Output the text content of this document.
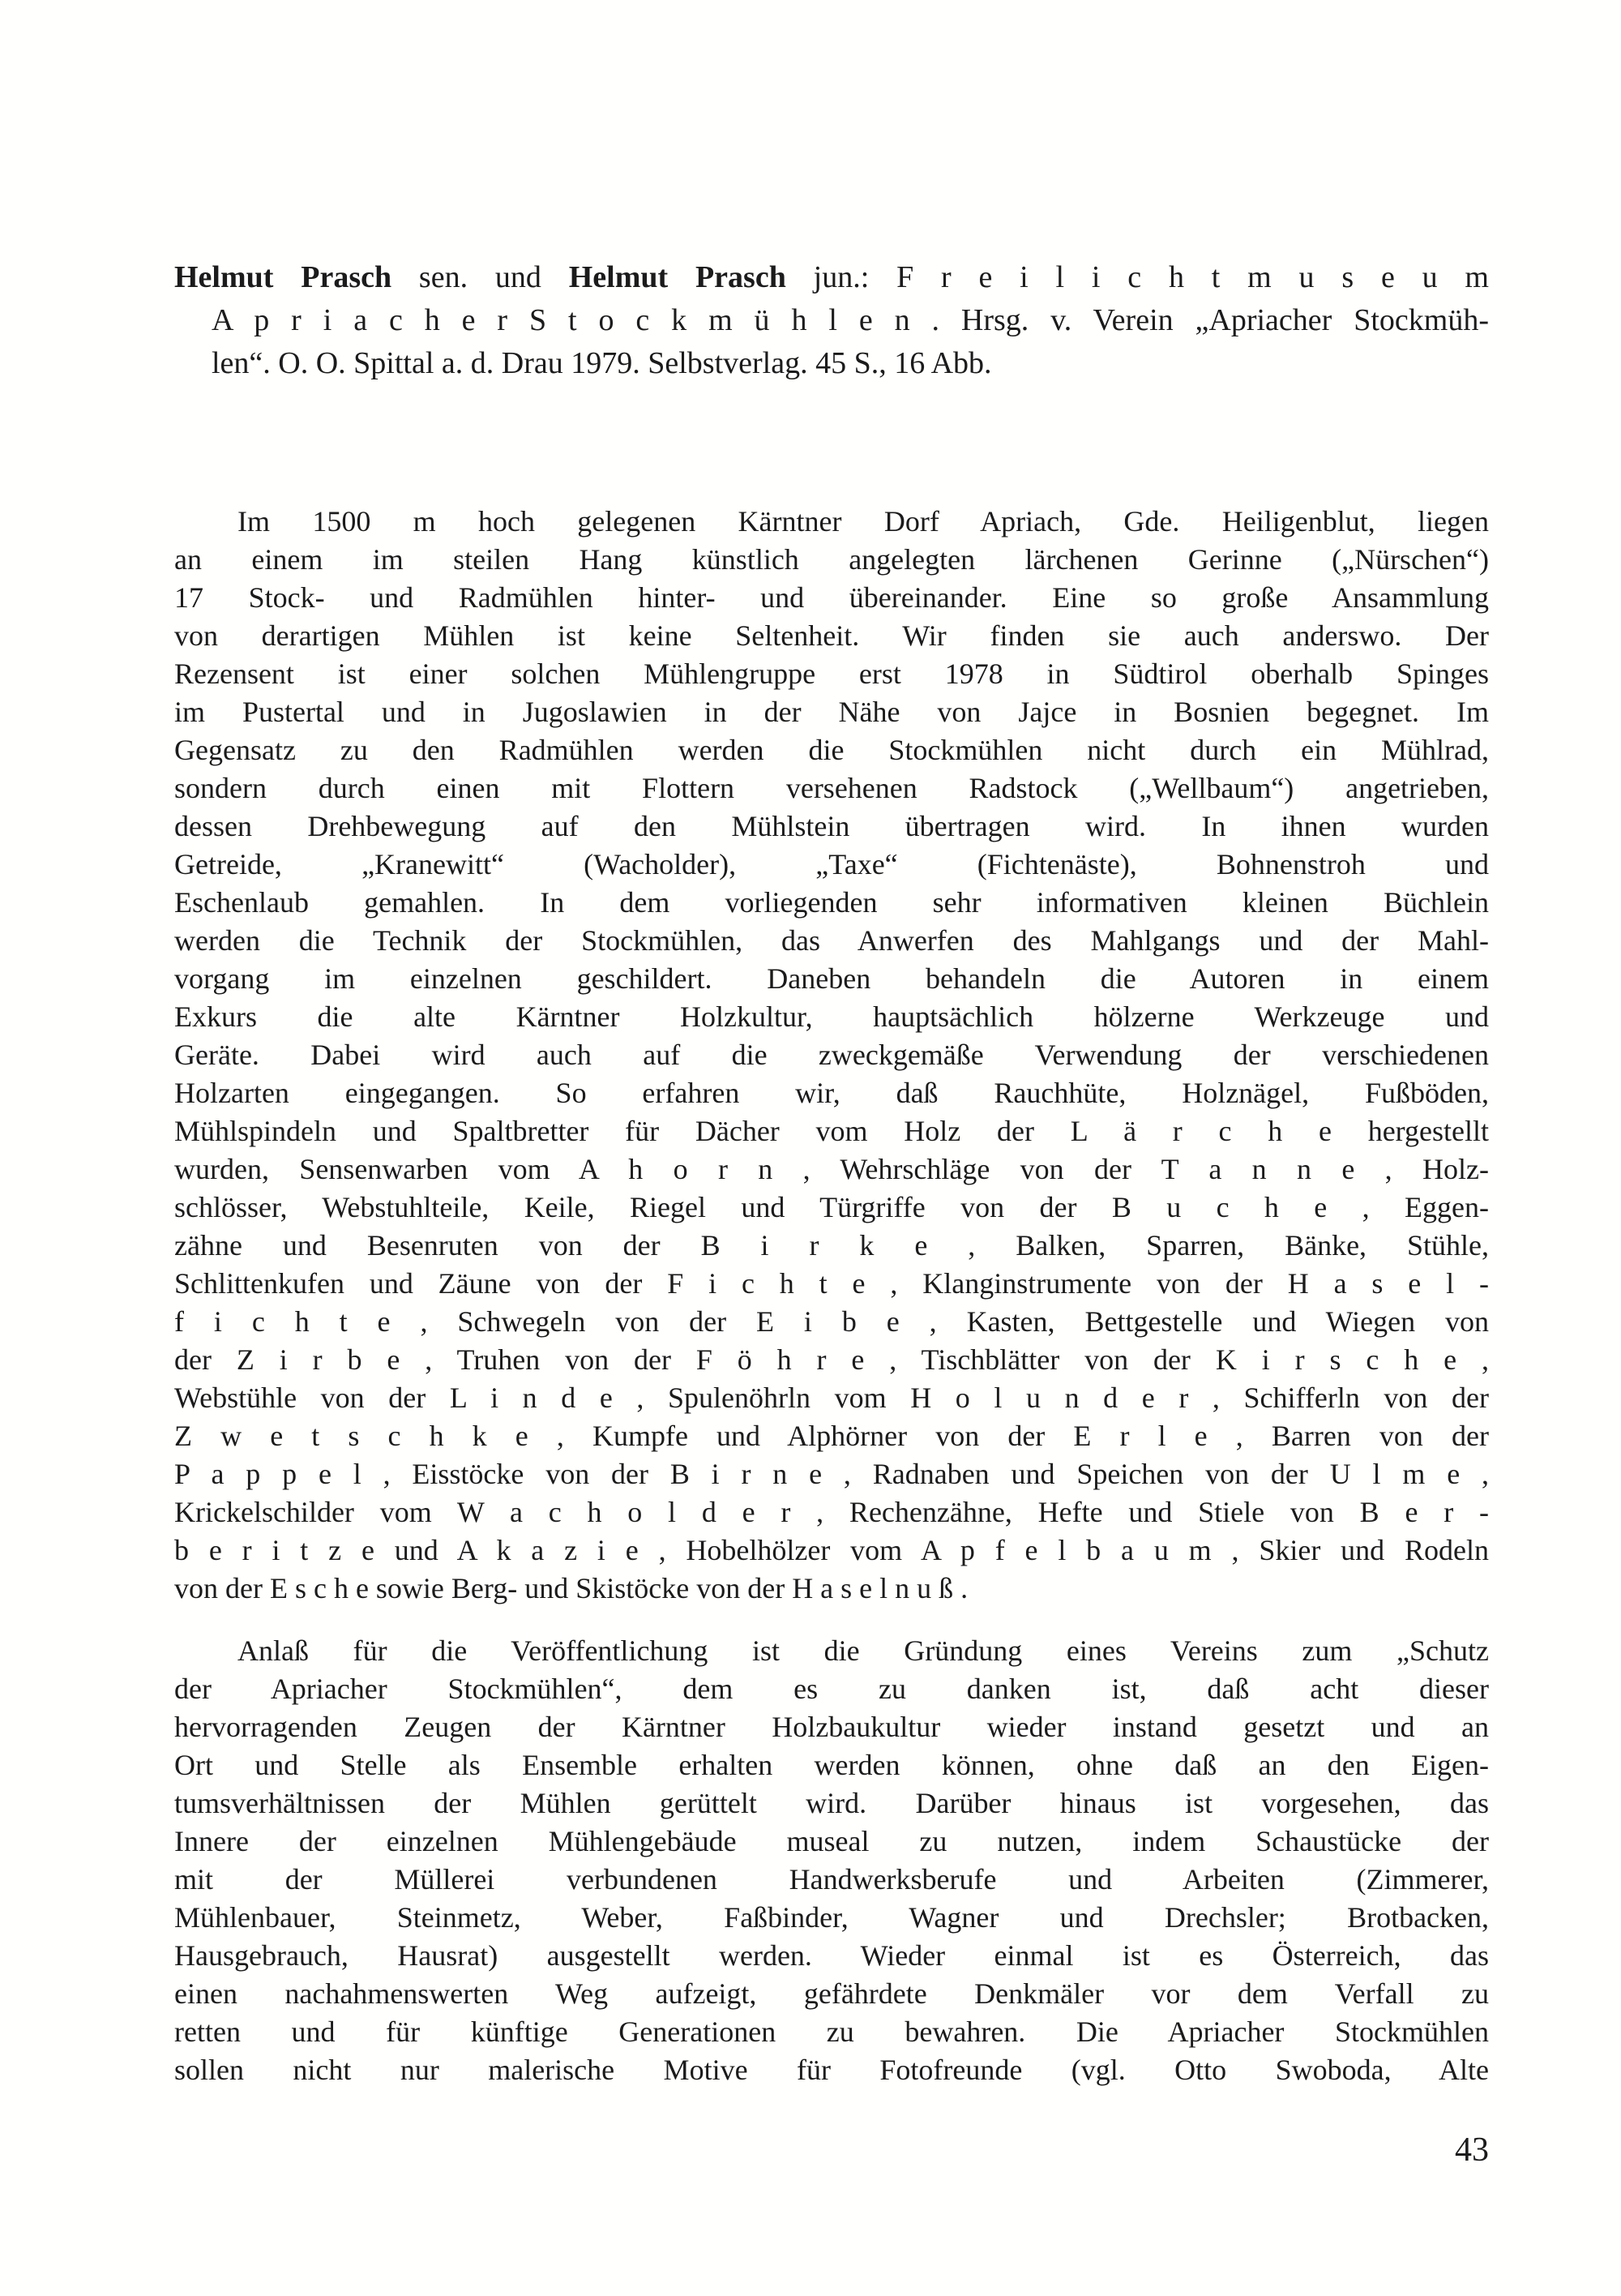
Helmut Prasch sen. und Helmut Prasch jun.: F r e i l i c h t m u s e u m
A p r i a c h e r S t o c k m ü h l e n . Hrsg. v. Verein „Apriacher Stockmüh-
len“. O. O. Spittal a. d. Drau 1979. Selbstverlag. 45 S., 16 Abb.
Im 1500 m hoch gelegenen Kärntner Dorf Apriach, Gde. Heiligenblut, liegen
an einem im steilen Hang künstlich angelegten lärchenen Gerinne („Nürschen“)
17 Stock- und Radmühlen hinter- und übereinander. Eine so große Ansammlung
von derartigen Mühlen ist keine Seltenheit. Wir finden sie auch anderswo. Der
Rezensent ist einer solchen Mühlengruppe erst 1978 in Südtirol oberhalb Spinges
im Pustertal und in Jugoslawien in der Nähe von Jajce in Bosnien begegnet. Im
Gegensatz zu den Radmühlen werden die Stockmühlen nicht durch ein Mühlrad,
sondern durch einen mit Flottern versehenen Radstock („Wellbaum“) angetrieben,
dessen Drehbewegung auf den Mühlstein übertragen wird. In ihnen wurden
Getreide, „Kranewitt“ (Wacholder), „Taxe“ (Fichtenäste), Bohnenstroh und
Eschenlaub gemahlen. In dem vorliegenden sehr informativen kleinen Büchlein
werden die Technik der Stockmühlen, das Anwerfen des Mahlgangs und der Mahl-
vorgang im einzelnen geschildert. Daneben behandeln die Autoren in einem
Exkurs die alte Kärntner Holzkultur, hauptsächlich hölzerne Werkzeuge und
Geräte. Dabei wird auch auf die zweckgemäße Verwendung der verschiedenen
Holzarten eingegangen. So erfahren wir, daß Rauchhüte, Holznägel, Fußböden,
Mühlspindeln und Spaltbretter für Dächer vom Holz der L ä r c h e hergestellt
wurden, Sensenwarben vom A h o r n , Wehrschläge von der T a n n e , Holz-
schlösser, Webstuhlteile, Keile, Riegel und Türgriffe von der B u c h e , Eggen-
zähne und Besenruten von der B i r k e , Balken, Sparren, Bänke, Stühle,
Schlittenkufen und Zäune von der F i c h t e , Klanginstrumente von der H a s e l -
f i c h t e , Schwegeln von der E i b e , Kasten, Bettgestelle und Wiegen von
der Z i r b e , Truhen von der F ö h r e , Tischblätter von der K i r s c h e ,
Webstühle von der L i n d e , Spulenöhrln vom H o l u n d e r , Schifferln von der
Z w e t s c h k e , Kumpfe und Alphörner von der E r l e , Barren von der
P a p p e l , Eisstöcke von der B i r n e , Radnaben und Speichen von der U l m e ,
Krickelschilder vom W a c h o l d e r , Rechenzähne, Hefte und Stiele von B e r -
b e r i t z e und A k a z i e , Hobelhölzer vom A p f e l b a u m , Skier und Rodeln
von der E s c h e sowie Berg- und Skistöcke von der H a s e l n u ß .
Anlaß für die Veröffentlichung ist die Gründung eines Vereins zum „Schutz
der Apriacher Stockmühlen“, dem es zu danken ist, daß acht dieser
hervorragenden Zeugen der Kärntner Holzbaukultur wieder instand gesetzt und an
Ort und Stelle als Ensemble erhalten werden können, ohne daß an den Eigen-
tumsverhältnissen der Mühlen gerüttelt wird. Darüber hinaus ist vorgesehen, das
Innere der einzelnen Mühlengebäude museal zu nutzen, indem Schaustücke der
mit der Müllerei verbundenen Handwerksberufe und Arbeiten (Zimmerer,
Mühlenbauer, Steinmetz, Weber, Faßbinder, Wagner und Drechsler; Brotbacken,
Hausgebrauch, Hausrat) ausgestellt werden. Wieder einmal ist es Österreich, das
einen nachahmenswerten Weg aufzeigt, gefährdete Denkmäler vor dem Verfall zu
retten und für künftige Generationen zu bewahren. Die Apriacher Stockmühlen
sollen nicht nur malerische Motive für Fotofreunde (vgl. Otto Swoboda, Alte
43
